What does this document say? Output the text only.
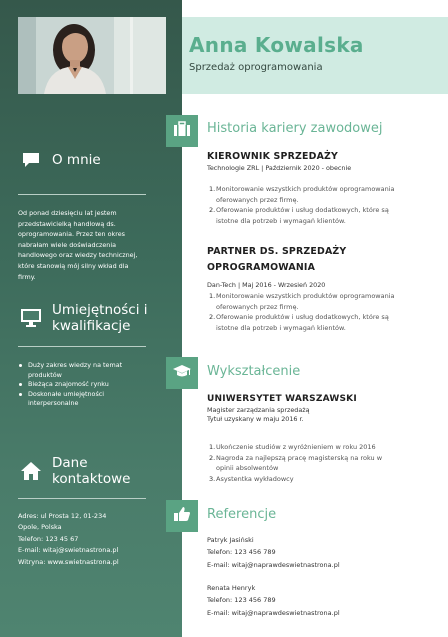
O mnie
Od ponad dziesięciu lat jestem przedstawicielką handlową ds. oprogramowania. Przez ten okres nabrałam wiele doświadczenia handlowego oraz wiedzy technicznej, które stanowią mój silny wkład dla firmy.
Umiejętności i
kwalifikacje
Duży zakres wiedzy na temat produktów
Bieżąca znajomość rynku
Doskonałe umiejętności interpersonalne
Dane
kontaktowe
Adres: ul Prosta 12, 01-234
Opole, Polska
Telefon: 123 45 67
E-mail: witaj@swietnastrona.pl
Witryna: www.swietnastrona.pl
Anna Kowalska
Sprzedaż oprogramowania
Historia kariery zawodowej
KIEROWNIK SPRZEDAŻY
Technologie ZRL | Październik 2020 - obecnie
1. Monitorowanie wszystkich produktów oprogramowania
oferowanych przez firmę.
2. Oferowanie produktów i usług dodatkowych, które są
istotne dla potrzeb i wymagań klientów.
PARTNER DS. SPRZEDAŻY
OPROGRAMOWANIA
Dan-Tech | Maj 2016 - Wrzesień 2020
1. Monitorowanie wszystkich produktów oprogramowania
oferowanych przez firmę.
2. Oferowanie produktów i usług dodatkowych, które są
istotne dla potrzeb i wymagań klientów.
Wykształcenie
UNIWERSYTET WARSZAWSKI
Magister zarządzania sprzedażą
Tytuł uzyskany w maju 2016 r.
1. Ukończenie studiów z wyróżnieniem w roku 2016
2. Nagroda za najlepszą pracę magisterską na roku w
opinii absolwentów
3. Asystentka wykładowcy
Referencje
Patryk Jasiński
Telefon: 123 456 789
E-mail: witaj@naprawdeswietnastrona.pl
Renata Henryk
Telefon: 123 456 789
E-mail: witaj@naprawdeswietnastrona.pl
